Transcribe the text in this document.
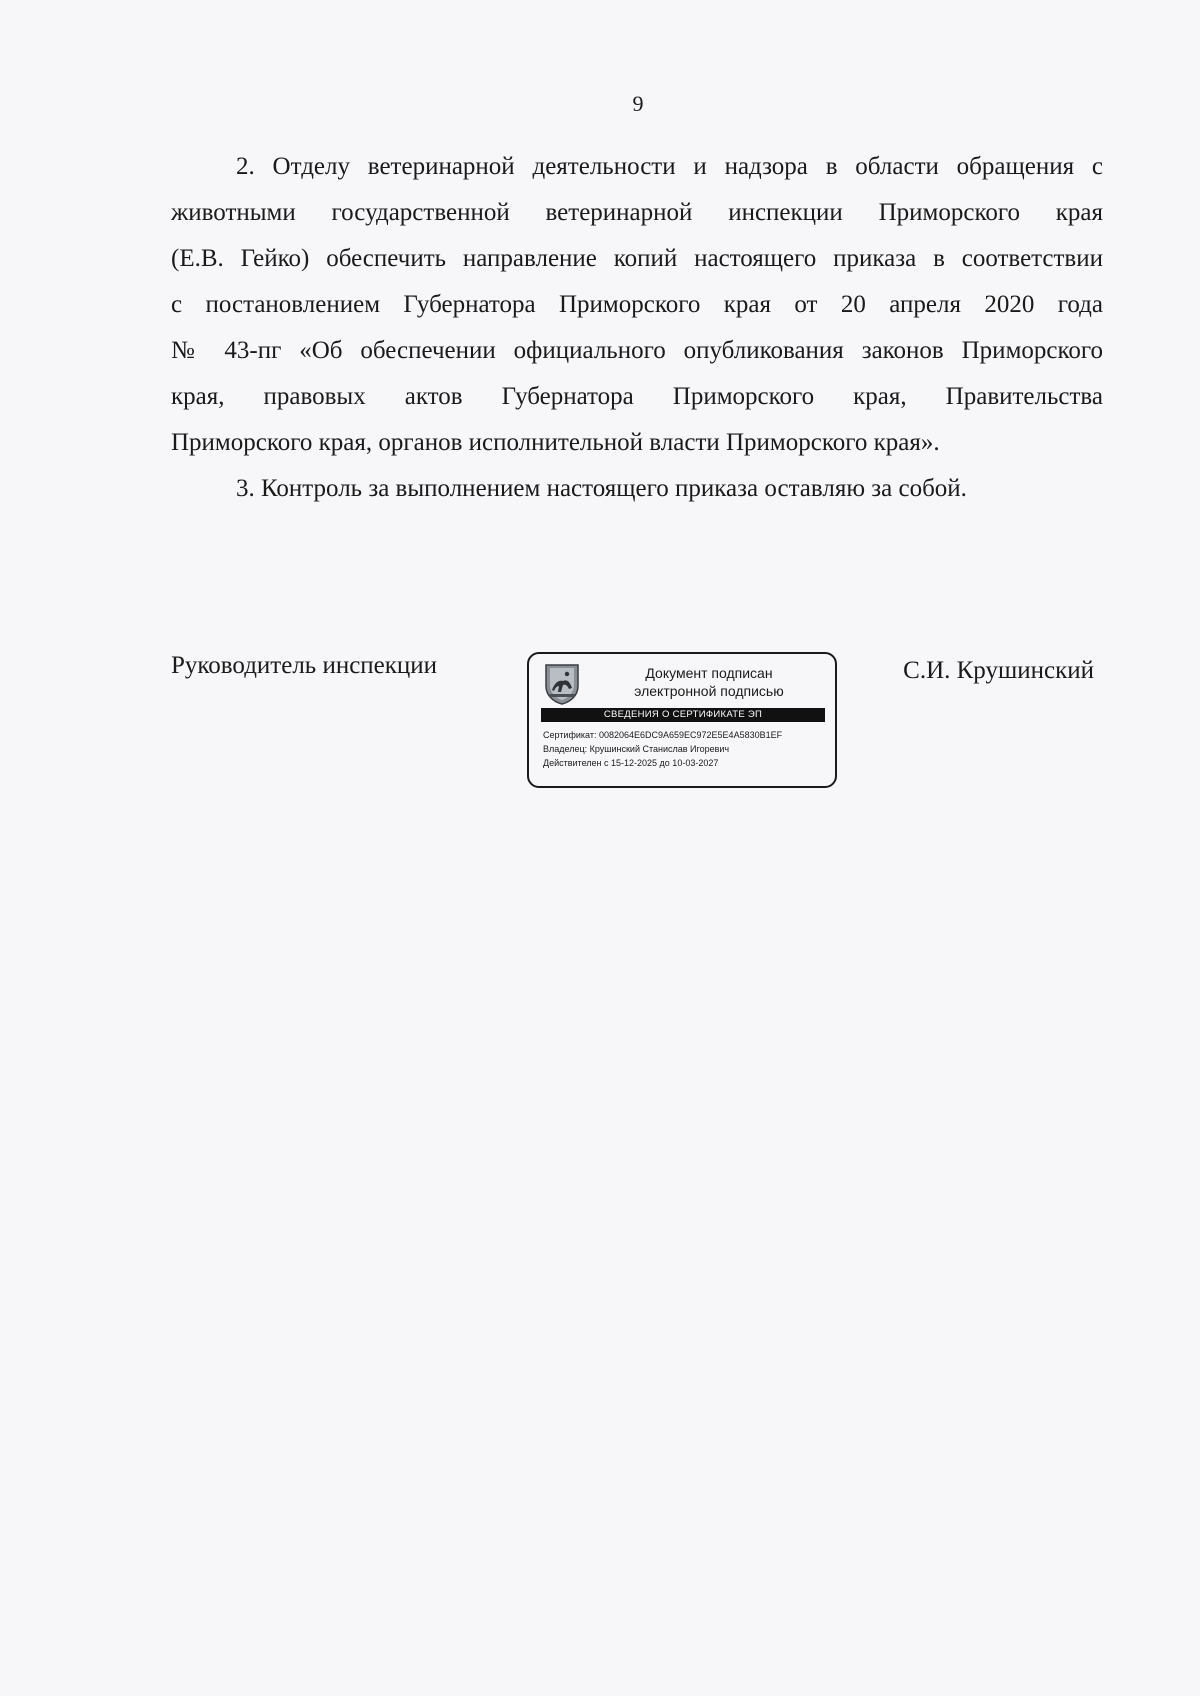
9

2. Отделу ветеринарной деятельности и надзора в области обращения с
животными государственной ветеринарной инспекции Приморского края
(Е.В. Гейко) обеспечить направление копий настоящего приказа в соответствии
с постановлением Губернатора Приморского края от 20 апреля 2020 года
№ 43-пг «Об обеспечении официального опубликования законов Приморского
края, правовых актов Губернатора Приморского края, Правительства
Приморского края, органов исполнительной власти Приморского края».

3. Контроль за выполнением настоящего приказа оставляю за собой.

Руководитель инспекции	Документ подписан
электронной подписью
СВЕДЕНИЯ О СЕРТИФИКАТЕ ЭП
Сертификат: 0082064E6DC9A659EC972E5E4A5830B1EF
Владелец: Крушинский Станислав Игоревич
Действителен с 15-12-2025 до 10-03-2027
С.И. Крушинский
